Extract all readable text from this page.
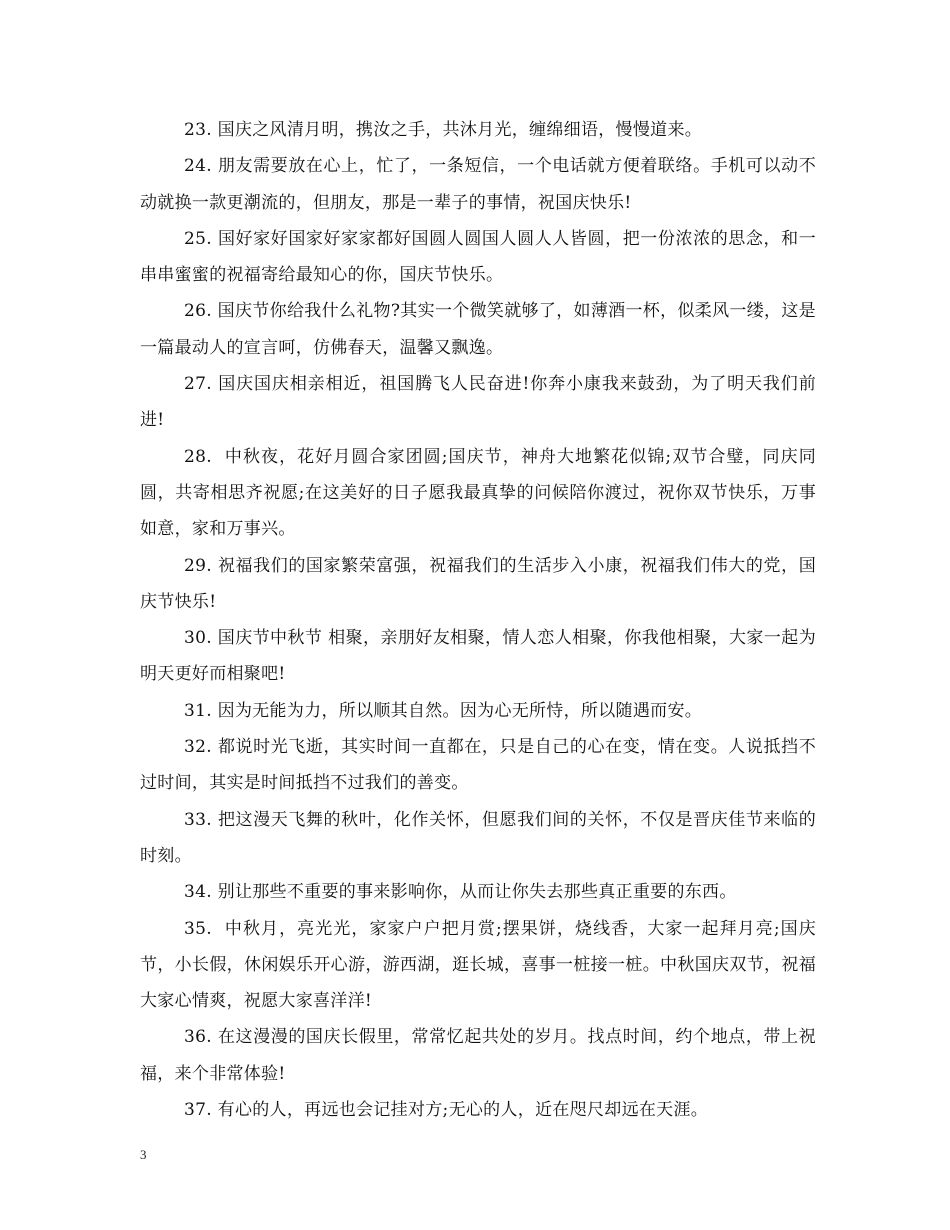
23. 国庆之风清月明，携汝之手，共沐月光，缠绵细语，慢慢道来。

24. 朋友需要放在心上，忙了，一条短信，一个电话就方便着联络。手机可以动不动就换一款更潮流的，但朋友，那是一辈子的事情，祝国庆快乐!

25. 国好家好国家好家家都好国圆人圆国人圆人人皆圆，把一份浓浓的思念，和一串串蜜蜜的祝福寄给最知心的你，国庆节快乐。

26. 国庆节你给我什么礼物?其实一个微笑就够了，如薄酒一杯，似柔风一缕，这是一篇最动人的宣言呵，仿佛春天，温馨又飘逸。

27. 国庆国庆相亲相近，祖国腾飞人民奋进!你奔小康我来鼓劲，为了明天我们前进!

28.  中秋夜，花好月圆合家团圆;国庆节，神舟大地繁花似锦;双节合璧，同庆同圆，共寄相思齐祝愿;在这美好的日子愿我最真挚的问候陪你渡过，祝你双节快乐，万事如意，家和万事兴。

29. 祝福我们的国家繁荣富强，祝福我们的生活步入小康，祝福我们伟大的党，国庆节快乐!

30. 国庆节中秋节 相聚，亲朋好友相聚，情人恋人相聚，你我他相聚，大家一起为明天更好而相聚吧!

31. 因为无能为力，所以顺其自然。因为心无所恃，所以随遇而安。

32. 都说时光飞逝，其实时间一直都在，只是自己的心在变，情在变。人说抵挡不过时间，其实是时间抵挡不过我们的善变。

33. 把这漫天飞舞的秋叶，化作关怀，但愿我们间的关怀，不仅是晋庆佳节来临的时刻。

34. 别让那些不重要的事来影响你，从而让你失去那些真正重要的东西。

35.  中秋月，亮光光，家家户户把月赏;摆果饼，烧线香，大家一起拜月亮;国庆节，小长假，休闲娱乐开心游，游西湖，逛长城，喜事一桩接一桩。中秋国庆双节，祝福大家心情爽，祝愿大家喜洋洋!

36. 在这漫漫的国庆长假里，常常忆起共处的岁月。找点时间，约个地点，带上祝福，来个非常体验!

37. 有心的人，再远也会记挂对方;无心的人，近在咫尺却远在天涯。

3
